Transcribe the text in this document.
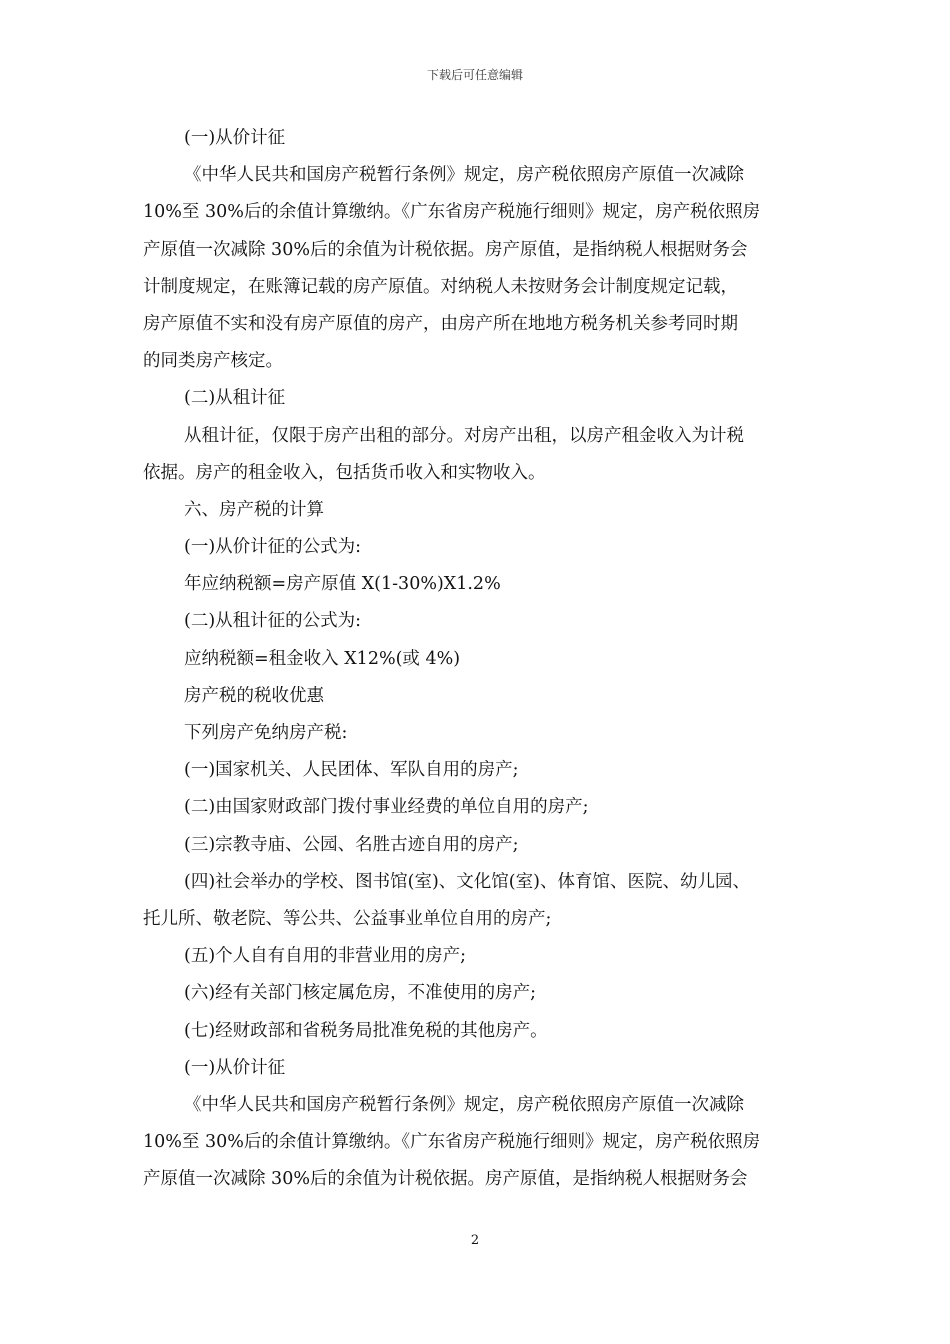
下载后可任意编辑
(一)从价计征
《中华人民共和国房产税暂行条例》规定，房产税依照房产原值一次减除
10%至 30%后的余值计算缴纳。《广东省房产税施行细则》规定，房产税依照房
产原值一次减除 30%后的余值为计税依据。房产原值，是指纳税人根据财务会
计制度规定，在账簿记载的房产原值。对纳税人未按财务会计制度规定记载，
房产原值不实和没有房产原值的房产，由房产所在地地方税务机关参考同时期
的同类房产核定。
(二)从租计征
从租计征，仅限于房产出租的部分。对房产出租，以房产租金收入为计税
依据。房产的租金收入，包括货币收入和实物收入。
六、房产税的计算
(一)从价计征的公式为:
年应纳税额=房产原值 X(1-30%)X1.2%
(二)从租计征的公式为:
应纳税额=租金收入 X12%(或 4%)
房产税的税收优惠
下列房产免纳房产税:
(一)国家机关、人民团体、军队自用的房产;
(二)由国家财政部门拨付事业经费的单位自用的房产;
(三)宗教寺庙、公园、名胜古迹自用的房产;
(四)社会举办的学校、图书馆(室)、文化馆(室)、体育馆、医院、幼儿园、
托儿所、敬老院、等公共、公益事业单位自用的房产;
(五)个人自有自用的非营业用的房产;
(六)经有关部门核定属危房，不准使用的房产;
(七)经财政部和省税务局批准免税的其他房产。
(一)从价计征
《中华人民共和国房产税暂行条例》规定，房产税依照房产原值一次减除
10%至 30%后的余值计算缴纳。《广东省房产税施行细则》规定，房产税依照房
产原值一次减除 30%后的余值为计税依据。房产原值，是指纳税人根据财务会
2
